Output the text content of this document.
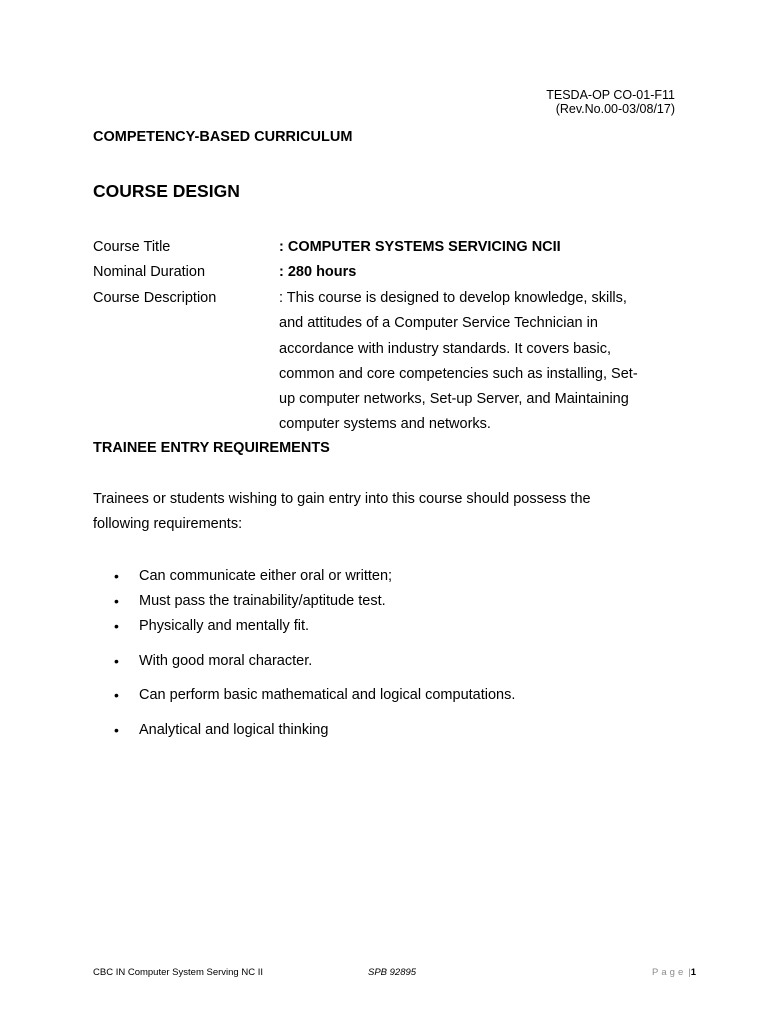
TESDA-OP CO-01-F11
(Rev.No.00-03/08/17)
COMPETENCY-BASED CURRICULUM
COURSE DESIGN
Course Title	: COMPUTER SYSTEMS SERVICING NCII
Nominal Duration	: 280 hours
Course Description	: This course is designed to develop knowledge, skills,
and attitudes of a Computer Service Technician in
accordance with industry standards. It covers basic,
common and core competencies such as installing, Set-
up computer networks, Set-up Server, and Maintaining
computer systems and networks.
TRAINEE ENTRY REQUIREMENTS
Trainees or students wishing to gain entry into this course should possess the
following requirements:
• Can communicate either oral or written;
• Must pass the trainability/aptitude test.
• Physically and mentally fit.
• With good moral character.
• Can perform basic mathematical and logical computations.
• Analytical and logical thinking
CBC IN Computer System Serving NC II	SPB 92895	Page |1
